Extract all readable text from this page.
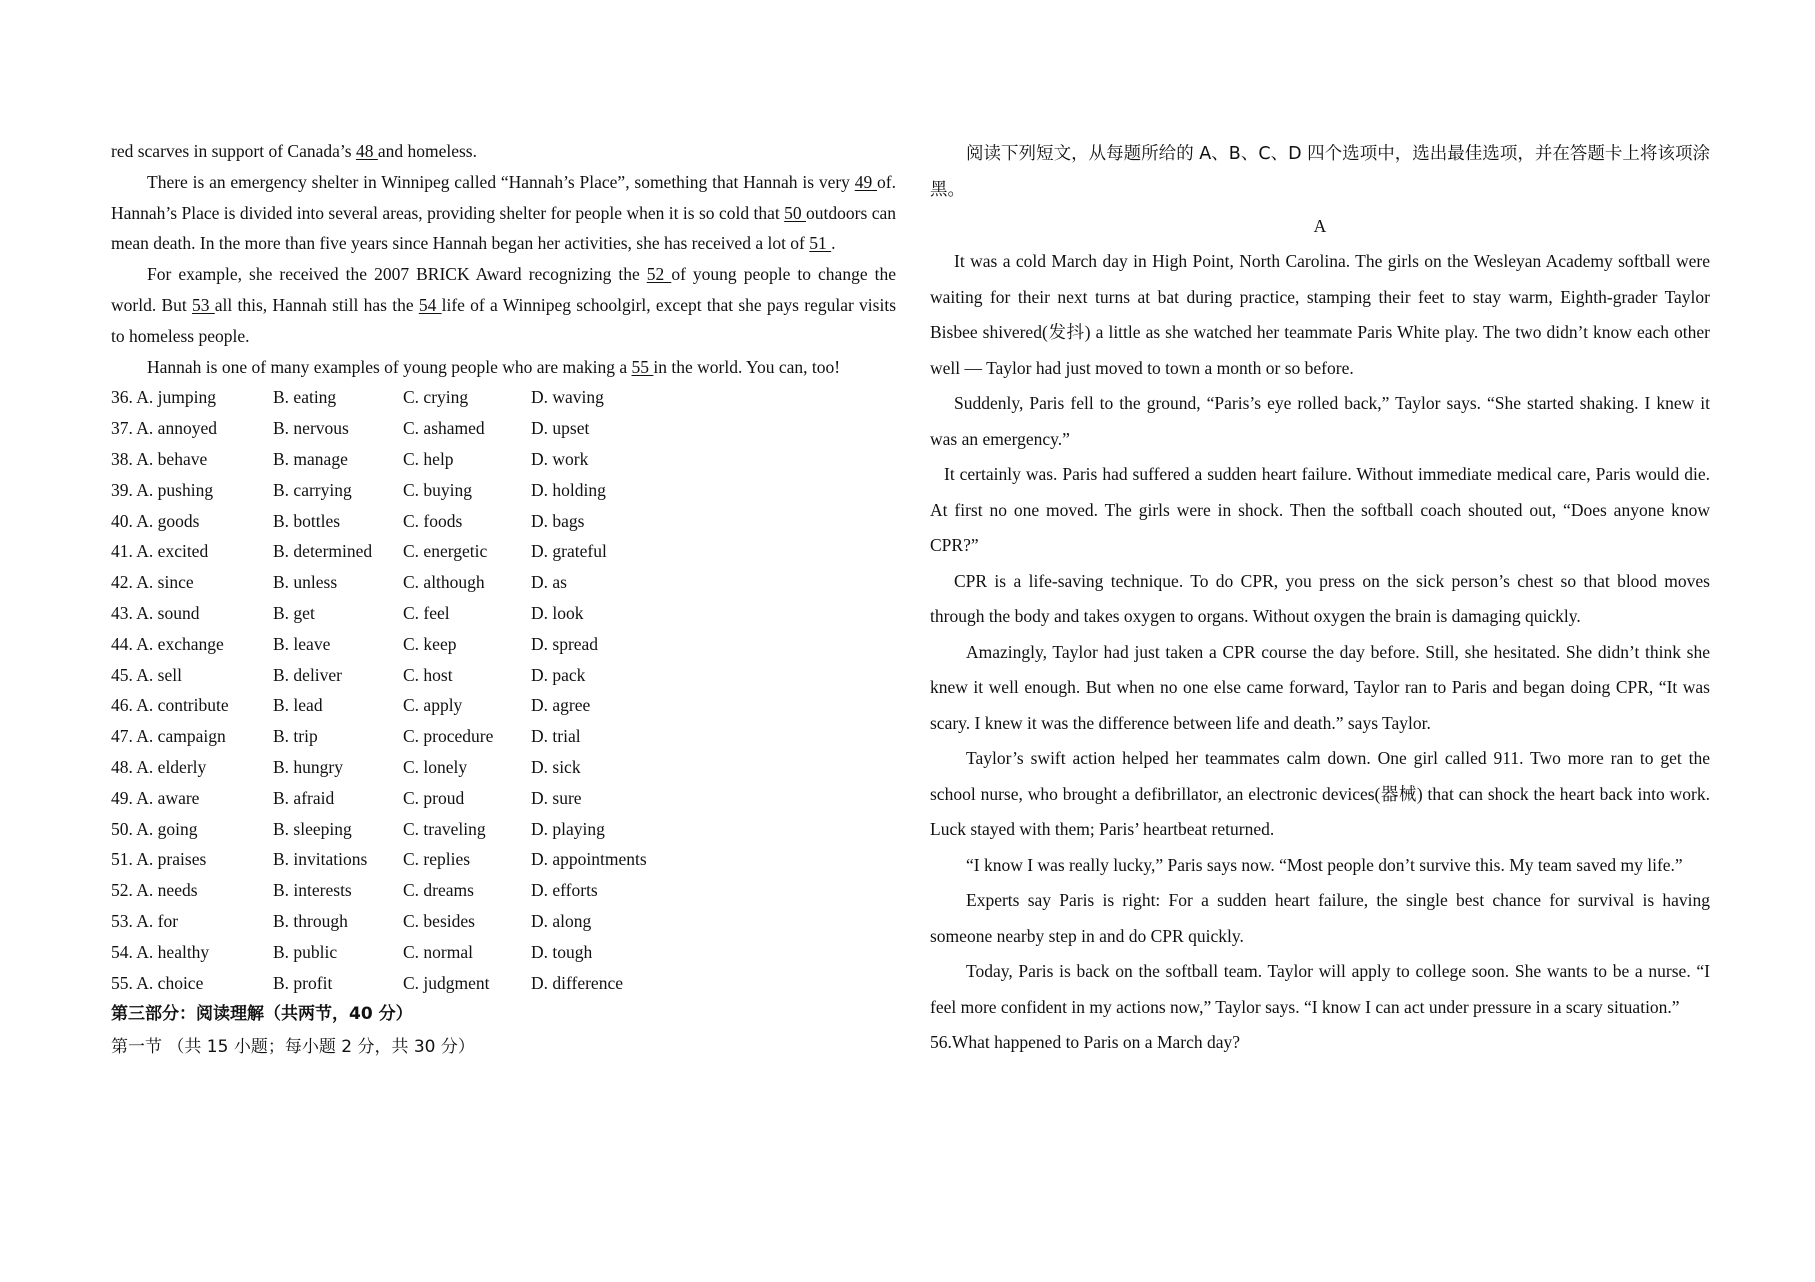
red scarves in support of Canada’s 48 and homeless.

There is an emergency shelter in Winnipeg called “Hannah’s Place”, something that Hannah is very 49 of. Hannah’s Place is divided into several areas, providing shelter for people when it is so cold that 50 outdoors can mean death. In the more than five years since Hannah began her activities, she has received a lot of 51 .

For example, she received the 2007 BRICK Award recognizing the 52 of young people to change the world. But 53 all this, Hannah still has the 54 life of a Winnipeg schoolgirl, except that she pays regular visits to homeless people.

Hannah is one of many examples of young people who are making a 55 in the world. You can, too!

36. A. jumping	B. eating	C. crying	D. waving
37. A. annoyed	B. nervous	C. ashamed	D. upset
38. A. behave	B. manage	C. help	D. work
39. A. pushing	B. carrying	C. buying	D. holding
40. A. goods	B. bottles	C. foods	D. bags
41. A. excited	B. determined	C. energetic	D. grateful
42. A. since	B. unless	C. although	D. as
43. A. sound	B. get	C. feel	D. look
44. A. exchange	B. leave	C. keep	D. spread
45. A. sell	B. deliver	C. host	D. pack
46. A. contribute	B. lead	C. apply	D. agree
47. A. campaign	B. trip	C. procedure	D. trial
48. A. elderly	B. hungry	C. lonely	D. sick
49. A. aware	B. afraid	C. proud	D. sure
50. A. going	B. sleeping	C. traveling	D. playing
51. A. praises	B. invitations	C. replies	D. appointments
52. A. needs	B. interests	C. dreams	D. efforts
53. A. for	B. through	C. besides	D. along
54. A. healthy	B. public	C. normal	D. tough
55. A. choice	B. profit	C. judgment	D. difference

第三部分：阅读理解（共两节，40 分）

第一节 （共 15 小题；每小题 2 分，共 30 分）

阅读下列短文，从每题所给的 A、B、C、D 四个选项中，选出最佳选项，并在答题卡上将该项涂黑。

A

It was a cold March day in High Point, North Carolina. The girls on the Wesleyan Academy softball were waiting for their next turns at bat during practice, stamping their feet to stay warm, Eighth-grader Taylor Bisbee shivered(发抖) a little as she watched her teammate Paris White play. The two didn’t know each other well — Taylor had just moved to town a month or so before.

Suddenly, Paris fell to the ground, “Paris’s eye rolled back,” Taylor says. “She started shaking. I knew it was an emergency.”

It certainly was. Paris had suffered a sudden heart failure. Without immediate medical care, Paris would die. At first no one moved. The girls were in shock. Then the softball coach shouted out, “Does anyone know CPR?”

CPR is a life-saving technique. To do CPR, you press on the sick person’s chest so that blood moves through the body and takes oxygen to organs. Without oxygen the brain is damaging quickly.

Amazingly, Taylor had just taken a CPR course the day before. Still, she hesitated. She didn’t think she knew it well enough. But when no one else came forward, Taylor ran to Paris and began doing CPR, “It was scary. I knew it was the difference between life and death.” says Taylor.

Taylor’s swift action helped her teammates calm down. One girl called 911. Two more ran to get the school nurse, who brought a defibrillator, an electronic devices(器械) that can shock the heart back into work. Luck stayed with them; Paris’ heartbeat returned.

“I know I was really lucky,” Paris says now. “Most people don’t survive this. My team saved my life.”

Experts say Paris is right: For a sudden heart failure, the single best chance for survival is having someone nearby step in and do CPR quickly.

Today, Paris is back on the softball team. Taylor will apply to college soon. She wants to be a nurse. “I feel more confident in my actions now,” Taylor says. “I know I can act under pressure in a scary situation.”

56.What happened to Paris on a March day?
